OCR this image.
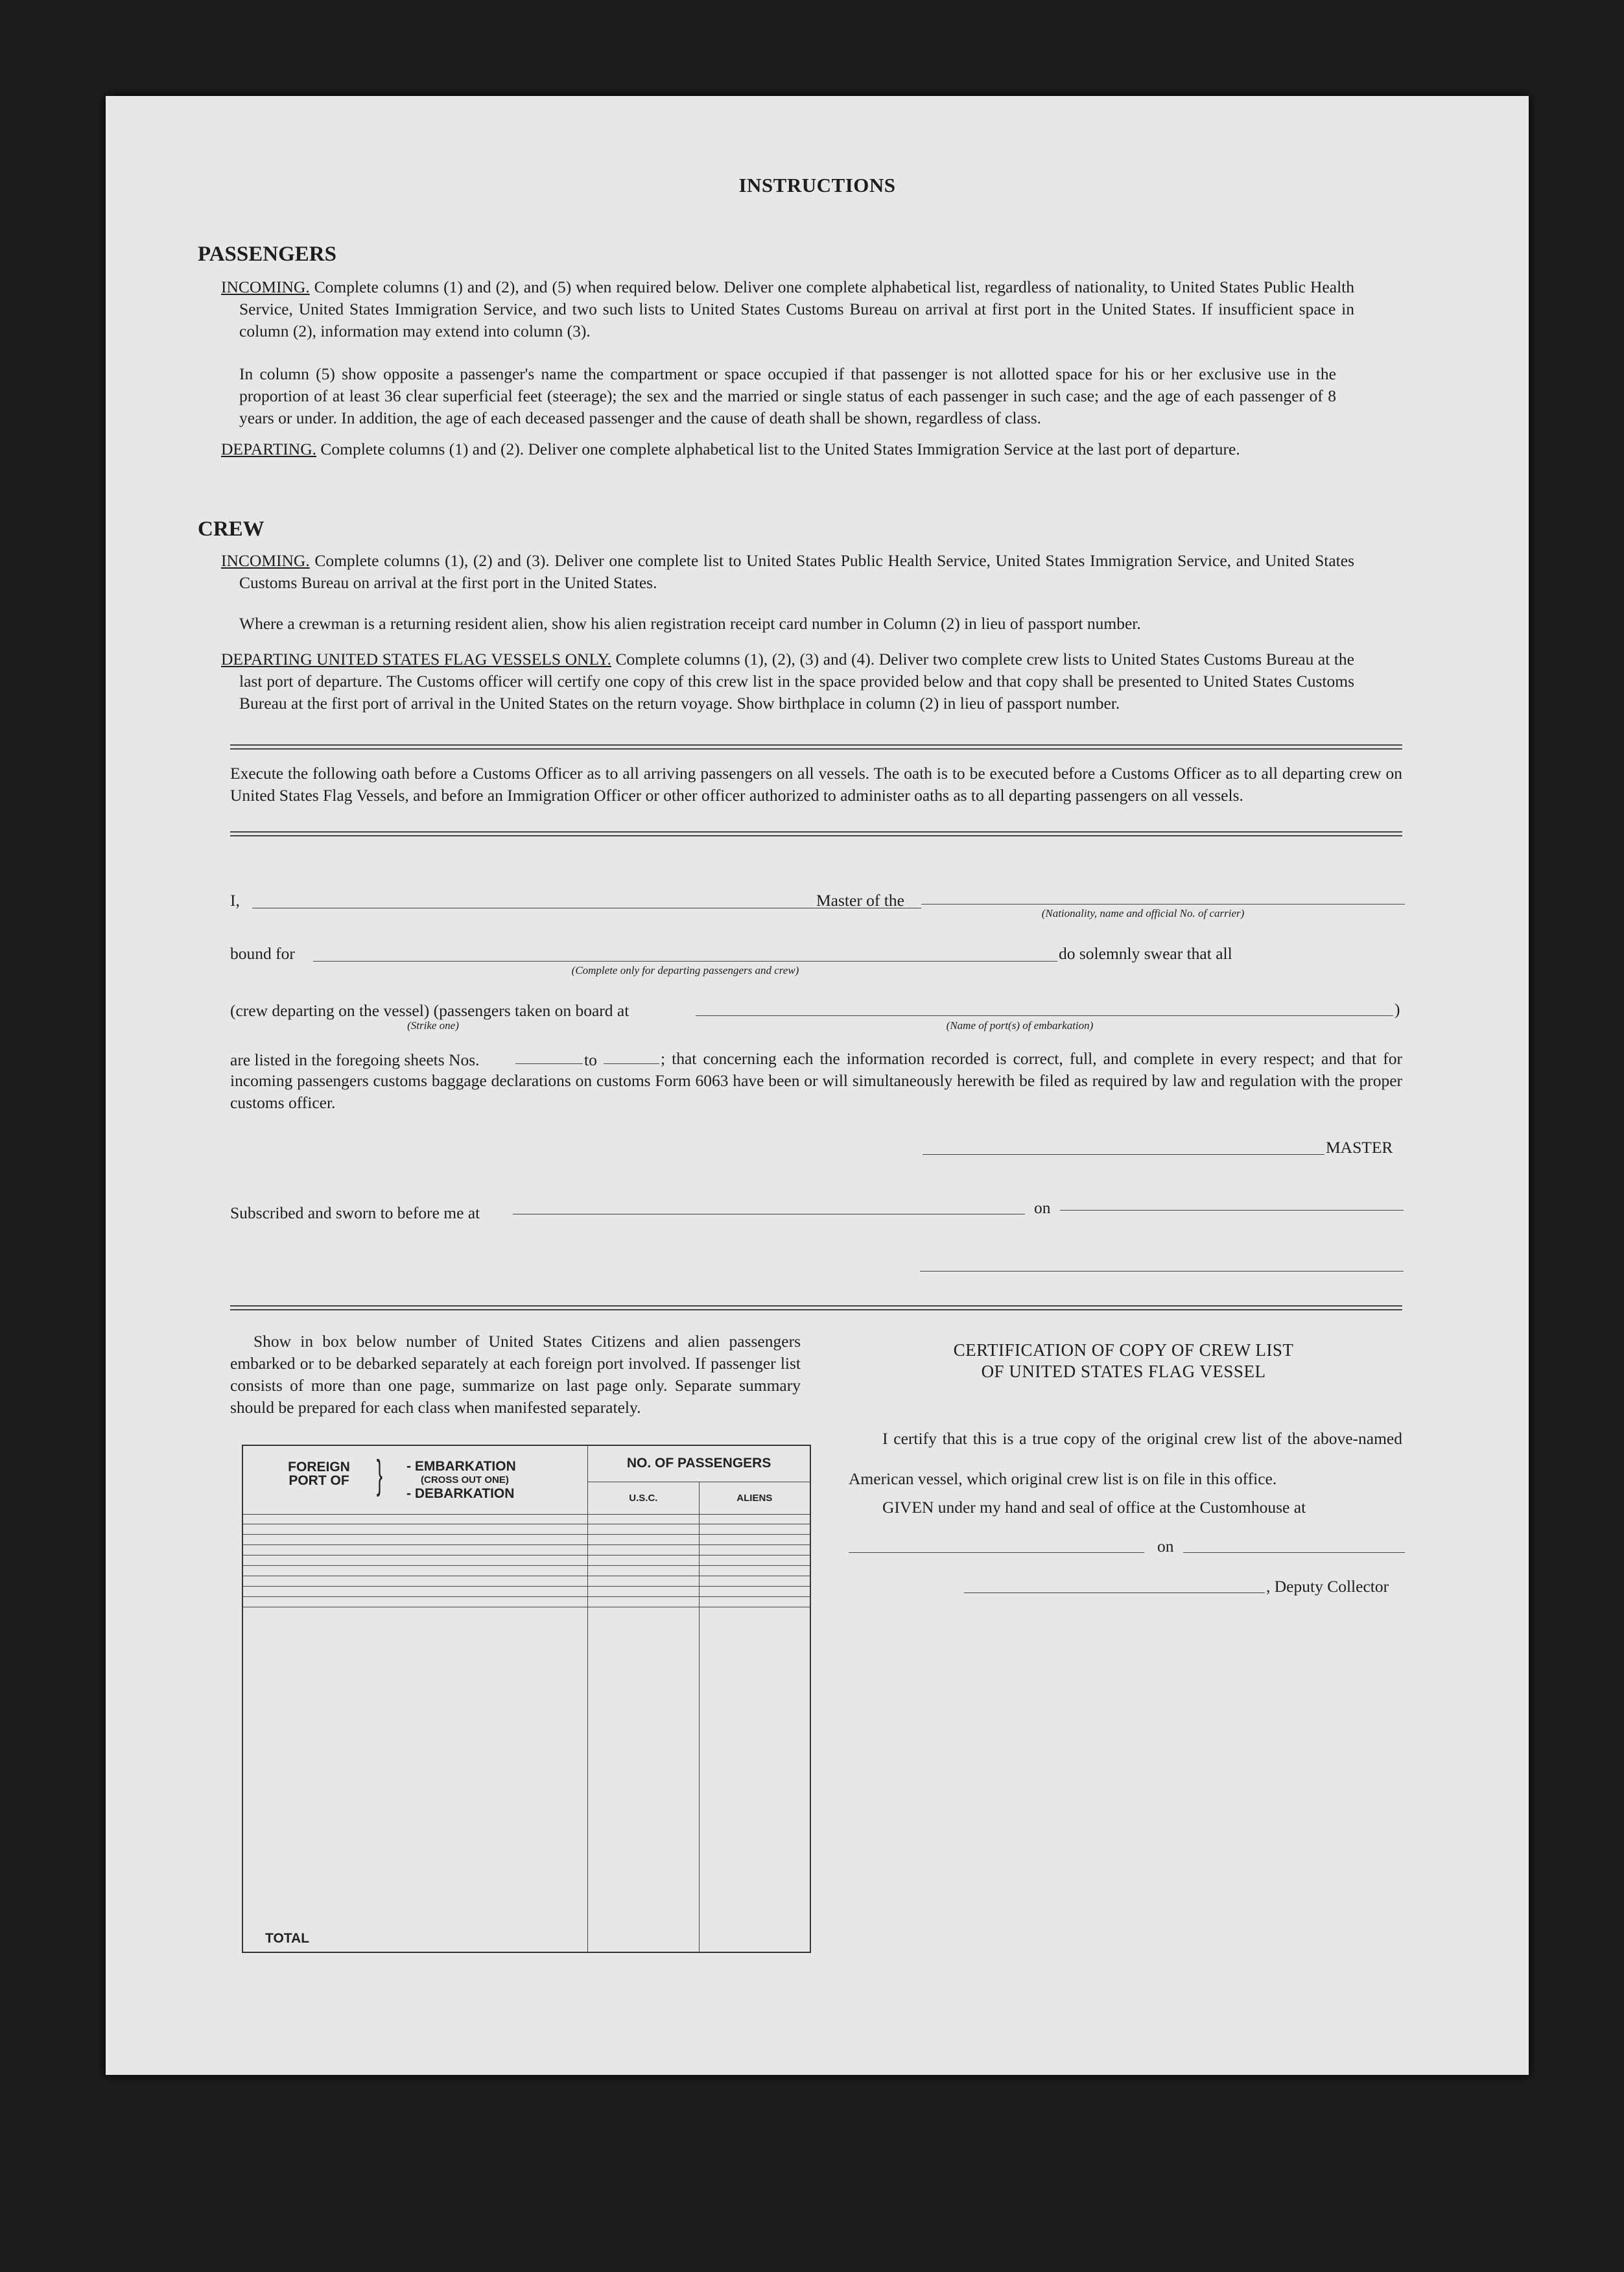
INSTRUCTIONS
PASSENGERS
INCOMING. Complete columns (1) and (2), and (5) when required below. Deliver one complete alphabetical list, regardless of nationality, to United States Public Health Service, United States Immigration Service, and two such lists to United States Customs Bureau on arrival at first port in the United States. If insufficient space in column (2), information may extend into column (3).
In column (5) show opposite a passenger's name the compartment or space occupied if that passenger is not allotted space for his or her exclusive use in the proportion of at least 36 clear superficial feet (steerage); the sex and the married or single status of each passenger in such case; and the age of each passenger of 8 years or under. In addition, the age of each deceased passenger and the cause of death shall be shown, regardless of class.
DEPARTING. Complete columns (1) and (2). Deliver one complete alphabetical list to the United States Immigration Service at the last port of departure.
CREW
INCOMING. Complete columns (1), (2) and (3). Deliver one complete list to United States Public Health Service, United States Immigration Service, and United States Customs Bureau on arrival at the first port in the United States.
Where a crewman is a returning resident alien, show his alien registration receipt card number in Column (2) in lieu of passport number.
DEPARTING UNITED STATES FLAG VESSELS ONLY. Complete columns (1), (2), (3) and (4). Deliver two complete crew lists to United States Customs Bureau at the last port of departure. The Customs officer will certify one copy of this crew list in the space provided below and that copy shall be presented to United States Customs Bureau at the first port of arrival in the United States on the return voyage. Show birthplace in column (2) in lieu of passport number.
Execute the following oath before a Customs Officer as to all arriving passengers on all vessels. The oath is to be executed before a Customs Officer as to all departing crew on United States Flag Vessels, and before an Immigration Officer or other officer authorized to administer oaths as to all departing passengers on all vessels.
I,	Master of the
(Nationality, name and official No. of carrier)
bound for
(Complete only for departing passengers and crew)
do solemnly swear that all
(crew departing on the vessel) (passengers taken on board at
(Strike one)	(Name of port(s) of embarkation)
)
are listed in the foregoing sheets Nos.	to	; that concerning each the information recorded is correct, full, and complete in every respect; and that for incoming passengers customs baggage declarations on customs Form 6063 have been or will simultaneously herewith be filed as required by law and regulation with the proper customs officer.
MASTER
Subscribed and sworn to before me at	on
Show in box below number of United States Citizens and alien passengers embarked or to be debarked separately at each foreign port involved. If passenger list consists of more than one page, summarize on last page only. Separate summary should be prepared for each class when manifested separately.
FOREIGN PORT OF } - EMBARKATION
(CROSS OUT ONE)
- DEBARKATION	NO. OF PASSENGERS	
	U.S.C.	ALIENS

TOTAL		
CERTIFICATION OF COPY OF CREW LIST
OF UNITED STATES FLAG VESSEL
I certify that this is a true copy of the original crew list of the above-named American vessel, which original crew list is on file in this office.
GIVEN under my hand and seal of office at the Customhouse at
on
, Deputy Collector
